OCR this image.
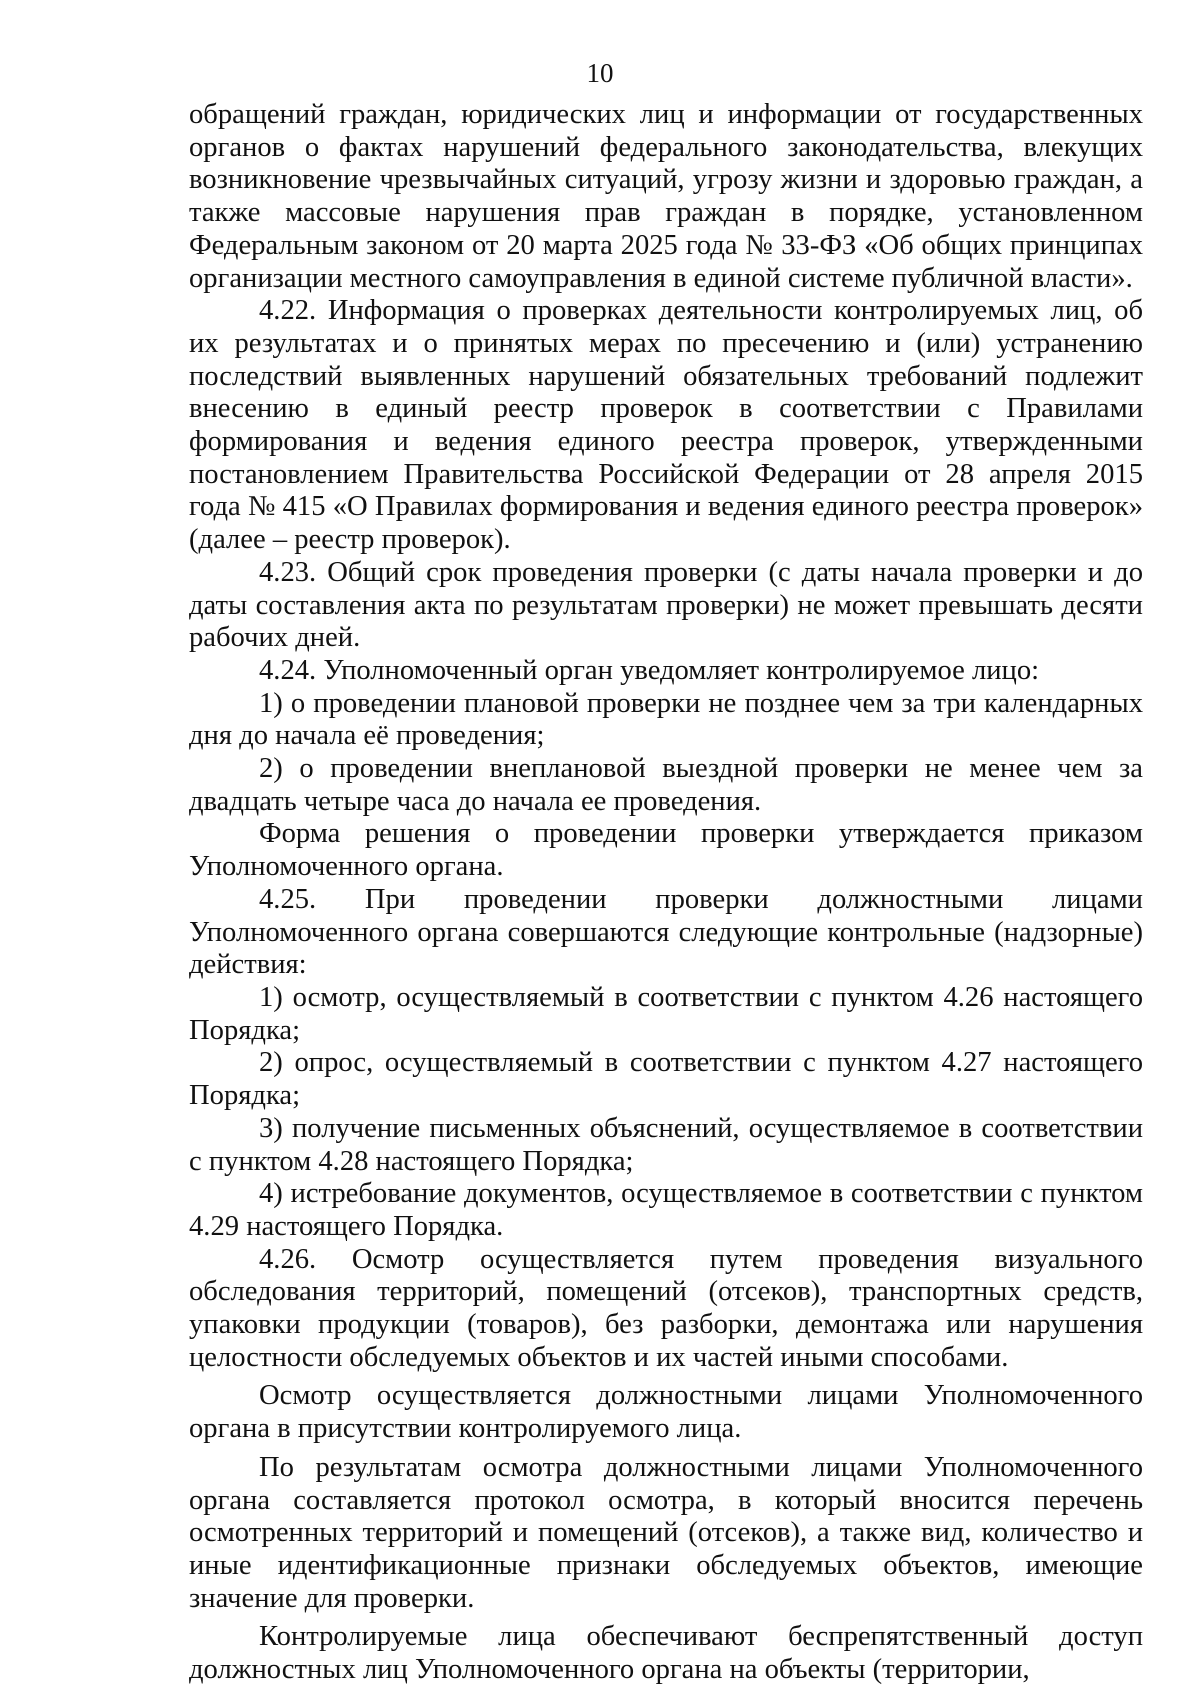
10

обращений граждан, юридических лиц и информации от государственных органов о фактах нарушений федерального законодательства, влекущих возникновение чрезвычайных ситуаций, угрозу жизни и здоровью граждан, а также массовые нарушения прав граждан в порядке, установленном Федеральным законом от 20 марта 2025 года № 33-ФЗ «Об общих принципах организации местного самоуправления в единой системе публичной власти».

4.22. Информация о проверках деятельности контролируемых лиц, об их результатах и о принятых мерах по пресечению и (или) устранению последствий выявленных нарушений обязательных требований подлежит внесению в единый реестр проверок в соответствии с Правилами формирования и ведения единого реестра проверок, утвержденными постановлением Правительства Российской Федерации от 28 апреля 2015 года № 415 «О Правилах формирования и ведения единого реестра проверок» (далее – реестр проверок).

4.23. Общий срок проведения проверки (с даты начала проверки и до даты составления акта по результатам проверки) не может превышать десяти рабочих дней.

4.24. Уполномоченный орган уведомляет контролируемое лицо:

1) о проведении плановой проверки не позднее чем за три календарных дня до начала её проведения;

2) о проведении внеплановой выездной проверки не менее чем за двадцать четыре часа до начала ее проведения.

Форма решения о проведении проверки утверждается приказом Уполномоченного органа.

4.25. При проведении проверки должностными лицами Уполномоченного органа совершаются следующие контрольные (надзорные) действия:

1) осмотр, осуществляемый в соответствии с пунктом 4.26 настоящего Порядка;

2) опрос, осуществляемый в соответствии с пунктом 4.27 настоящего Порядка;

3) получение письменных объяснений, осуществляемое в соответствии с пунктом 4.28 настоящего Порядка;

4) истребование документов, осуществляемое в соответствии с пунктом 4.29 настоящего Порядка.

4.26. Осмотр осуществляется путем проведения визуального обследования территорий, помещений (отсеков), транспортных средств, упаковки продукции (товаров), без разборки, демонтажа или нарушения целостности обследуемых объектов и их частей иными способами.

Осмотр осуществляется должностными лицами Уполномоченного органа в присутствии контролируемого лица.

По результатам осмотра должностными лицами Уполномоченного органа составляется протокол осмотра, в который вносится перечень осмотренных территорий и помещений (отсеков), а также вид, количество и иные идентификационные признаки обследуемых объектов, имеющие значение для проверки.

Контролируемые лица обеспечивают беспрепятственный доступ должностных лиц Уполномоченного органа на объекты (территории,
